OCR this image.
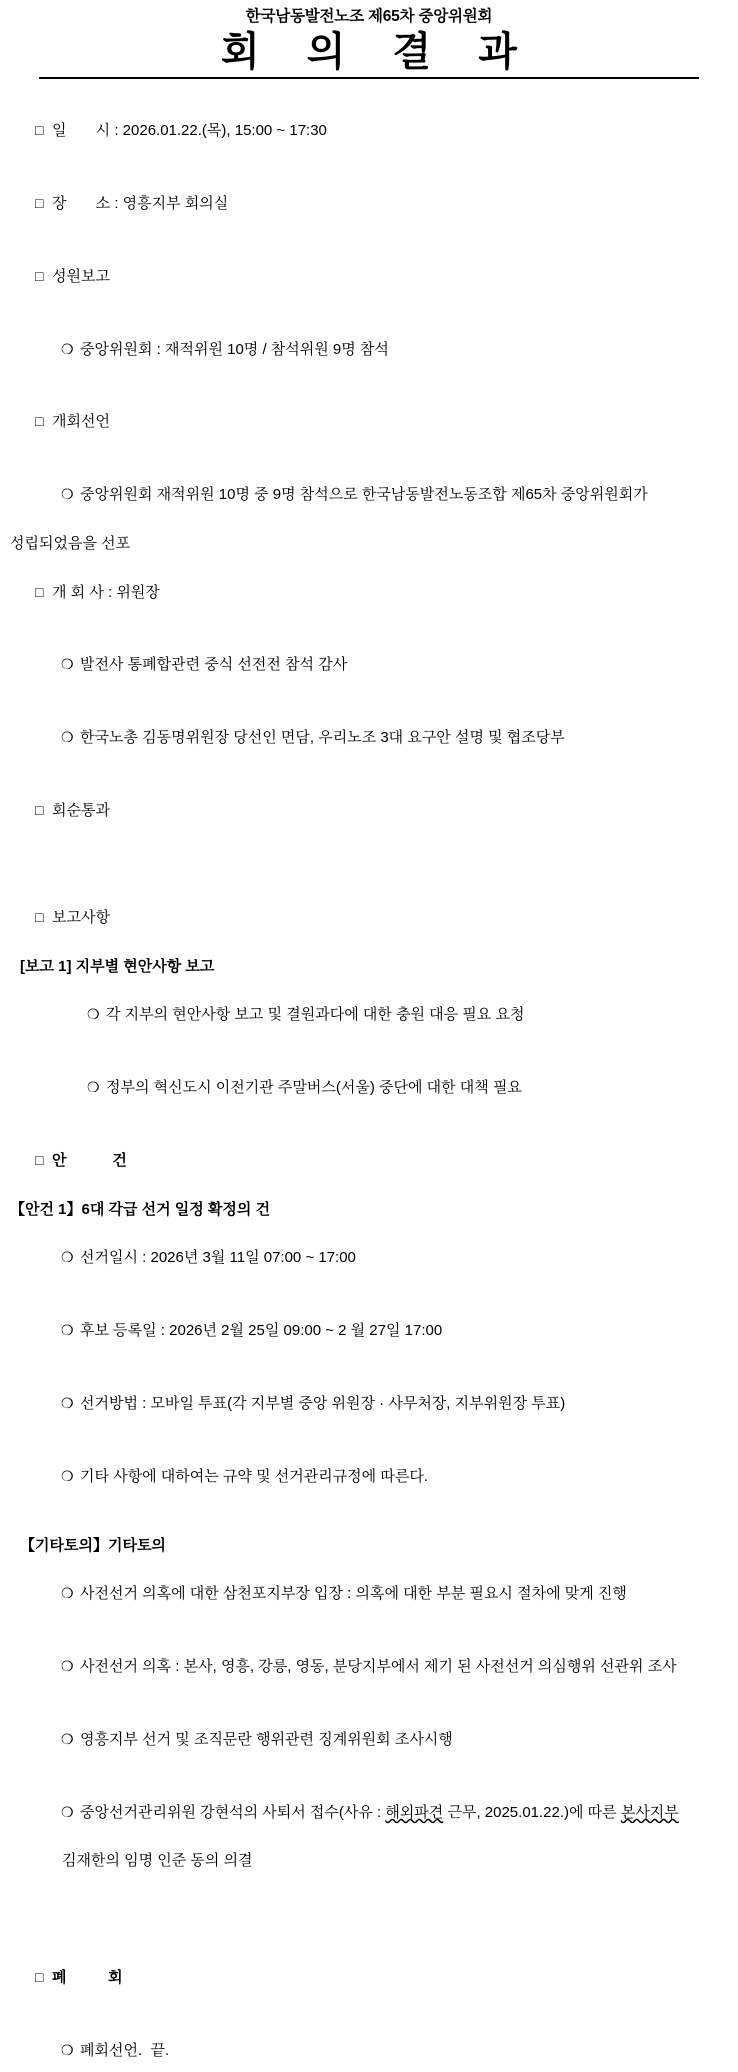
한국남동발전노조 제65차 중앙위원회
회 의 결 과

□ 일       시 : 2026.01.22.(목), 15:00 ~ 17:30

□ 장       소 : 영흥지부 회의실

□ 성원보고

❍ 중앙위원회 : 재적위원 10명 / 참석위원 9명 참석

□ 개회선언

❍ 중앙위원회 재적위원 10명 중 9명 참석으로 한국남동발전노동조합 제65차 중앙위원회가

성립되었음을 선포

□ 개 회 사 : 위원장

❍ 발전사 통폐합관련 중식 선전전 참석 감사

❍ 한국노총 김동명위원장 당선인 면담, 우리노조 3대 요구안 설명 및 협조당부

□ 회순통과

□ 보고사항

[보고 1] 지부별 현안사항 보고

❍ 각 지부의 현안사항 보고 및 결원과다에 대한 충원 대응 필요 요청

❍ 정부의 혁신도시 이전기관 주말버스(서울) 중단에 대한 대책 필요

□ 안           건

【안건 1】6대 각급 선거 일정 확정의 건

❍ 선거일시 : 2026년 3월 11일 07:00 ~ 17:00

❍ 후보 등록일 : 2026년 2월 25일 09:00 ~ 2 월 27일 17:00

❍ 선거방법 : 모바일 투표(각 지부별 중앙 위원장 · 사무처장, 지부위원장 투표)

❍ 기타 사항에 대하여는 규약 및 선거관리규정에 따른다.

【기타토의】기타토의

❍ 사전선거 의혹에 대한 삼천포지부장 입장 : 의혹에 대한 부분 필요시 절차에 맞게 진행

❍ 사전선거 의혹 : 본사, 영흥, 강릉, 영동, 분당지부에서 제기 된 사전선거 의심행위 선관위 조사

❍ 영흥지부 선거 및 조직문란 행위관련 징계위원회 조사시행

❍ 중앙선거관리위원 강현석의 사퇴서 접수(사유 : 해외파견 근무, 2025.01.22.)에 따른 본사지부

김재한의 임명 인준 동의 의결

□ 폐          회

❍ 폐회선언.  끝.
